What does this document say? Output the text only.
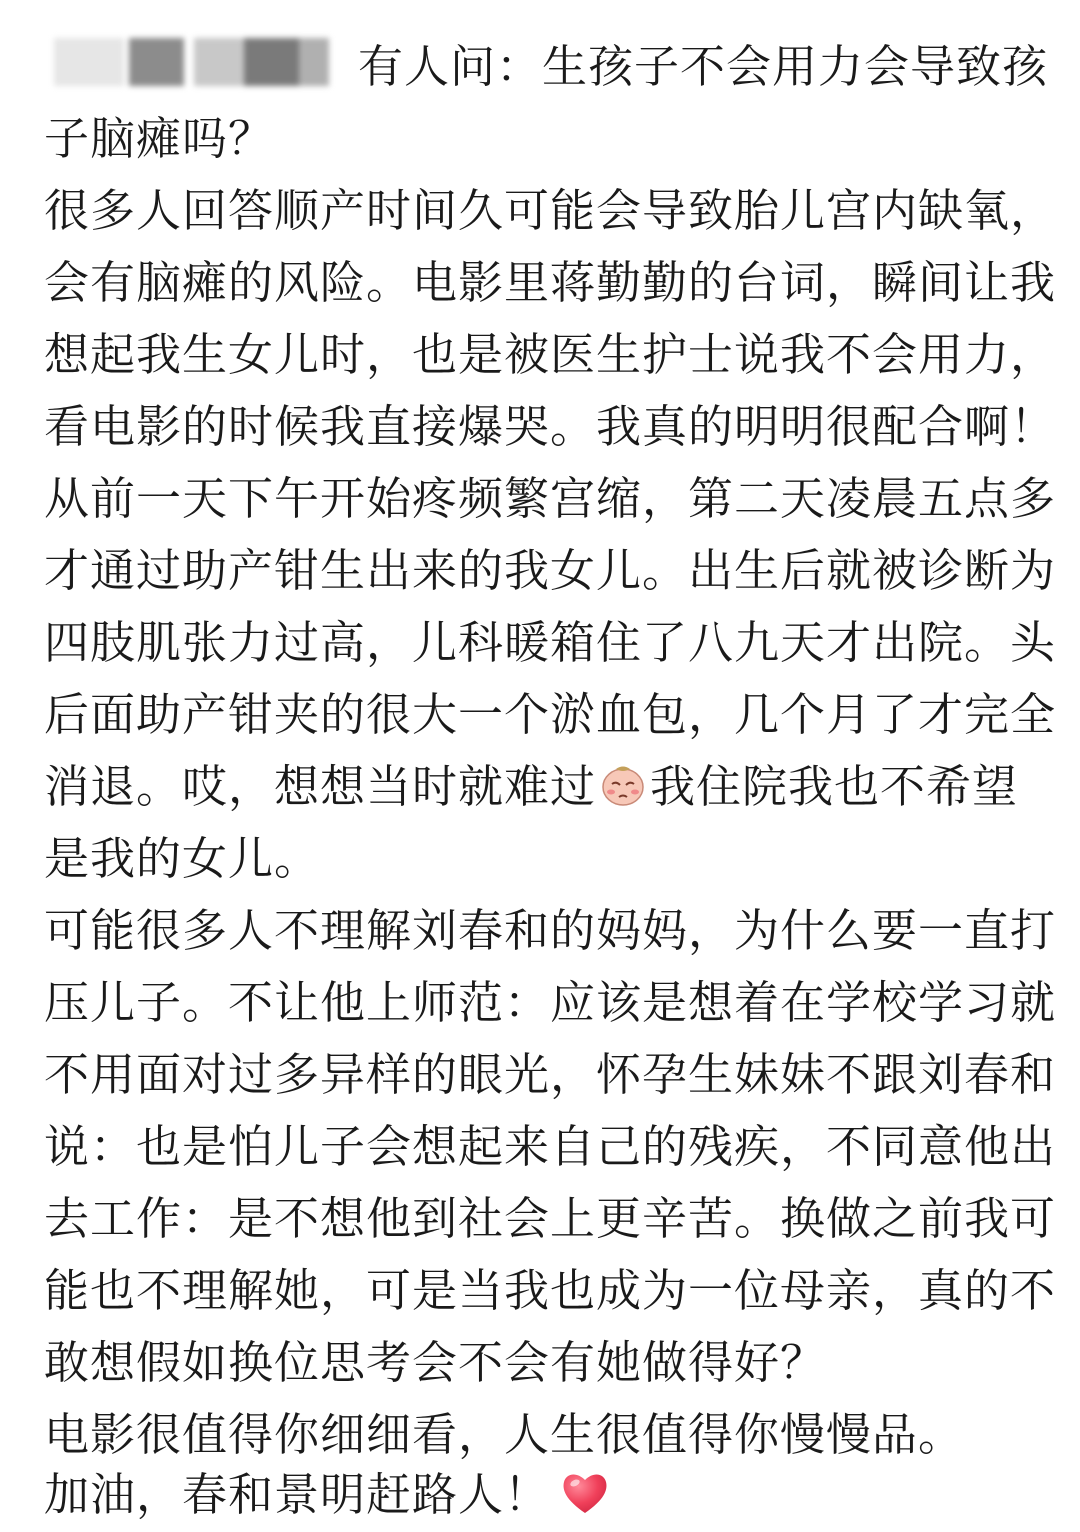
有人问：生孩子不会用力会导致孩
子脑瘫吗？
很多人回答顺产时间久可能会导致胎儿宫内缺氧，
会有脑瘫的风险。电影里蒋勤勤的台词，瞬间让我
想起我生女儿时，也是被医生护士说我不会用力，
看电影的时候我直接爆哭。我真的明明很配合啊！
从前一天下午开始疼频繁宫缩，第二天凌晨五点多
才通过助产钳生出来的我女儿。出生后就被诊断为
四肢肌张力过高，儿科暖箱住了八九天才出院。头
后面助产钳夹的很大一个淤血包，几个月了才完全
消退。哎，想想当时就难过 我住院我也不希望
是我的女儿。
可能很多人不理解刘春和的妈妈，为什么要一直打
压儿子。不让他上师范：应该是想着在学校学习就
不用面对过多异样的眼光，怀孕生妹妹不跟刘春和
说：也是怕儿子会想起来自己的残疾，不同意他出
去工作：是不想他到社会上更辛苦。换做之前我可
能也不理解她，可是当我也成为一位母亲，真的不
敢想假如换位思考会不会有她做得好？
电影很值得你细细看，人生很值得你慢慢品。
加油，春和景明赶路人！
